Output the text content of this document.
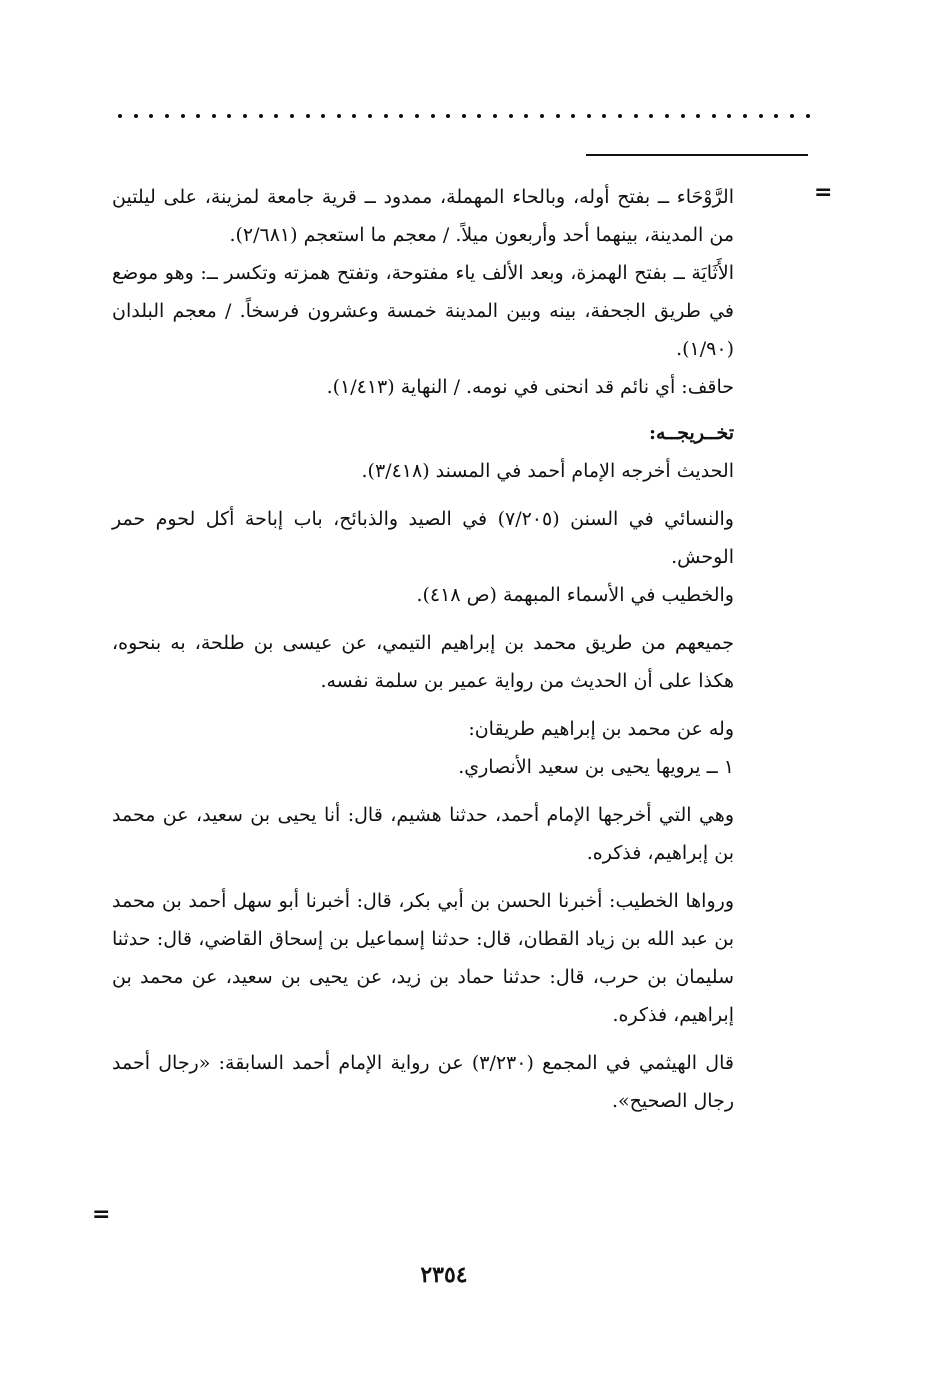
=

الرَّوْحَاء ــ بفتح أوله، وبالحاء المهملة، ممدود ــ قرية جامعة لمزينة، على ليلتين من المدينة، بينهما أحد وأربعون ميلاً. / معجم ما استعجم (٢/٦٨١).

الأَثَايَة ــ بفتح الهمزة، وبعد الألف ياء مفتوحة، وتفتح همزته وتكسر ــ: وهو موضع في طريق الجحفة، بينه وبين المدينة خمسة وعشرون فرسخاً. / معجم البلدان (١/٩٠).

حاقف: أي نائم قد انحنى في نومه. / النهاية (١/٤١٣).

تخــريجــه:

الحديث أخرجه الإمام أحمد في المسند (٣/٤١٨).

والنسائي في السنن (٧/٢٠٥) في الصيد والذبائح، باب إباحة أكل لحوم حمر الوحش.

والخطيب في الأسماء المبهمة (ص ٤١٨).

جميعهم من طريق محمد بن إبراهيم التيمي، عن عيسى بن طلحة، به بنحوه، هكذا على أن الحديث من رواية عمير بن سلمة نفسه.

وله عن محمد بن إبراهيم طريقان:

١ ــ يرويها يحيى بن سعيد الأنصاري.

وهي التي أخرجها الإمام أحمد، حدثنا هشيم، قال: أنا يحيى بن سعيد، عن محمد بن إبراهيم، فذكره.

ورواها الخطيب: أخبرنا الحسن بن أبي بكر، قال: أخبرنا أبو سهل أحمد بن محمد بن عبد الله بن زياد القطان، قال: حدثنا إسماعيل بن إسحاق القاضي، قال: حدثنا سليمان بن حرب، قال: حدثنا حماد بن زيد، عن يحيى بن سعيد، عن محمد بن إبراهيم، فذكره.

قال الهيثمي في المجمع (٣/٢٣٠) عن رواية الإمام أحمد السابقة: «رجال أحمد رجال الصحيح».

=
٢٣٥٤
